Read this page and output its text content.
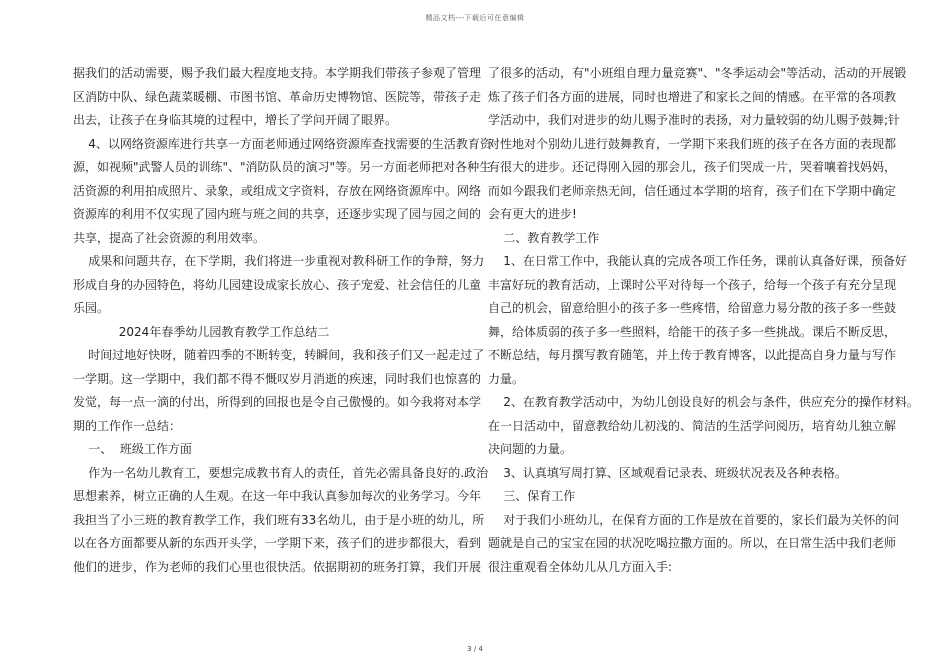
精品文档---下载后可任意编辑
据我们的活动需要，赐予我们最大程度地支持。本学期我们带孩子参观了管理
区消防中队、绿色蔬菜暖棚、市图书馆、革命历史博物馆、医院等，带孩子走
出去，让孩子在身临其境的过程中，增长了学问开阔了眼界。
4、以网络资源库进行共享一方面老师通过网络资源库查找需要的生活教育资
源，如视频"武警人员的训练"、"消防队员的演习"等。另一方面老师把对各种生
活资源的利用拍成照片、录象，或组成文字资料，存放在网络资源库中。网络
资源库的利用不仅实现了园内班与班之间的共享，还逐步实现了园与园之间的
共享，提高了社会资源的利用效率。
成果和问题共存，在下学期，我们将进一步重视对教科研工作的争辩，努力
形成自身的办园特色，将幼儿园建设成家长放心、孩子宠爱、社会信任的儿童
乐园。
2024年春季幼儿园教育教学工作总结二
时间过地好快呀，随着四季的不断转变，转瞬间，我和孩子们又一起走过了
一学期。这一学期中，我们都不得不慨叹岁月消逝的疾速，同时我们也惊喜的
发觉，每一点一滴的付出，所得到的回报也是令自己傲慢的。如今我将对本学
期的工作作一总结：
一、  班级工作方面
作为一名幼儿教育工，要想完成教书育人的责任，首先必需具备良好的.政治
思想素养，树立正确的人生观。在这一年中我认真参加每次的业务学习。今年
我担当了小三班的教育教学工作，我们班有33名幼儿，由于是小班的幼儿，所
以在各方面都要从新的东西开头学，一学期下来，孩子们的进步都很大，看到
他们的进步，作为老师的我们心里也很快活。依据期初的班务打算，我们开展
了很多的活动，有"小班组自理力量竞赛"、"冬季运动会"等活动，活动的开展锻
炼了孩子们各方面的进展，同时也增进了和家长之间的情感。在平常的各项教
学活动中，我们对进步的幼儿赐予准时的表扬，对力量较弱的幼儿赐予鼓舞;针
对性地对个别幼儿进行鼓舞教育，一学期下来我们班的孩子在各方面的表现都
有很大的进步。还记得刚入园的那会儿，孩子们哭成一片，哭着嚷着找妈妈，
而如今跟我们老师亲热无间，信任通过本学期的培育，孩子们在下学期中确定
会有更大的进步!
二、教育教学工作
1、在日常工作中，我能认真的完成各项工作任务，课前认真备好课，预备好
丰富好玩的教育活动，上课时公平对待每一个孩子，给每一个孩子有充分呈现
自己的机会，留意给胆小的孩子多一些疼惜，给留意力易分散的孩子多一些鼓
舞，给体质弱的孩子多一些照料，给能干的孩子多一些挑战。课后不断反思，
不断总结，每月撰写教育随笔，并上传于教育博客，以此提高自身力量与写作
力量。
2、在教育教学活动中，为幼儿创设良好的机会与条件，供应充分的操作材料。
在一日活动中，留意教给幼儿初浅的、简洁的生活学问阅历，培育幼儿独立解
决问题的力量。
3、认真填写周打算、区域观看记录表、班级状况表及各种表格。
三、保育工作
对于我们小班幼儿，在保育方面的工作是放在首要的，家长们最为关怀的问
题就是自己的宝宝在园的状况吃喝拉撒方面的。所以，在日常生活中我们老师
很注重观看全体幼儿从几方面入手:
3 / 4
